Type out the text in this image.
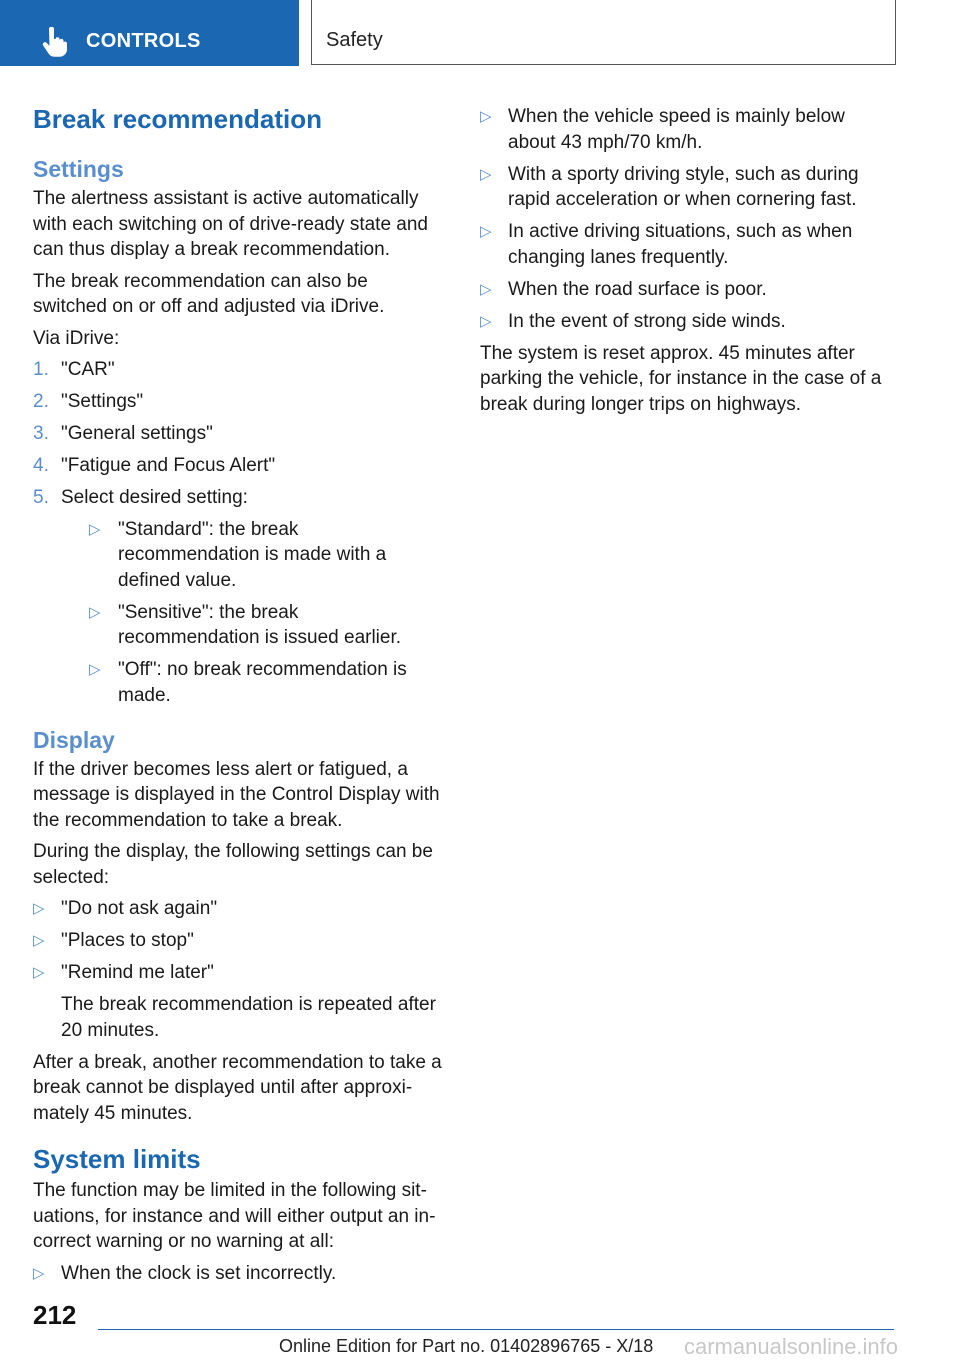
CONTROLS	Safety
Break recommendation
Settings

The alertness assistant is active automatically with each switching on of drive-ready state and can thus display a break recommendation.

The break recommendation can also be switched on or off and adjusted via iDrive.

Via iDrive:

1. "CAR"
2. "Settings"
3. "General settings"
4. "Fatigue and Focus Alert"
5. Select desired setting:
▷ "Standard": the break recommendation is made with a defined value.
▷ "Sensitive": the break recommendation is issued earlier.
▷ "Off": no break recommendation is made.
Display

If the driver becomes less alert or fatigued, a message is displayed in the Control Display with the recommendation to take a break.

During the display, the following settings can be selected:

▷ "Do not ask again"
▷ "Places to stop"
▷ "Remind me later"
The break recommendation is repeated after 20 minutes.

After a break, another recommendation to take a break cannot be displayed until after approxi-mately 45 minutes.

System limits

The function may be limited in the following sit-uations, for instance and will either output an in-correct warning or no warning at all:

▷ When the clock is set incorrectly.
▷ When the vehicle speed is mainly below about 43 mph/70 km/h.
▷ With a sporty driving style, such as during rapid acceleration or when cornering fast.
▷ In active driving situations, such as when changing lanes frequently.
▷ When the road surface is poor.
▷ In the event of strong side winds.

The system is reset approx. 45 minutes after parking the vehicle, for instance in the case of a break during longer trips on highways.

212
Online Edition for Part no. 01402896765 - X/18 carmanualsonline.info
